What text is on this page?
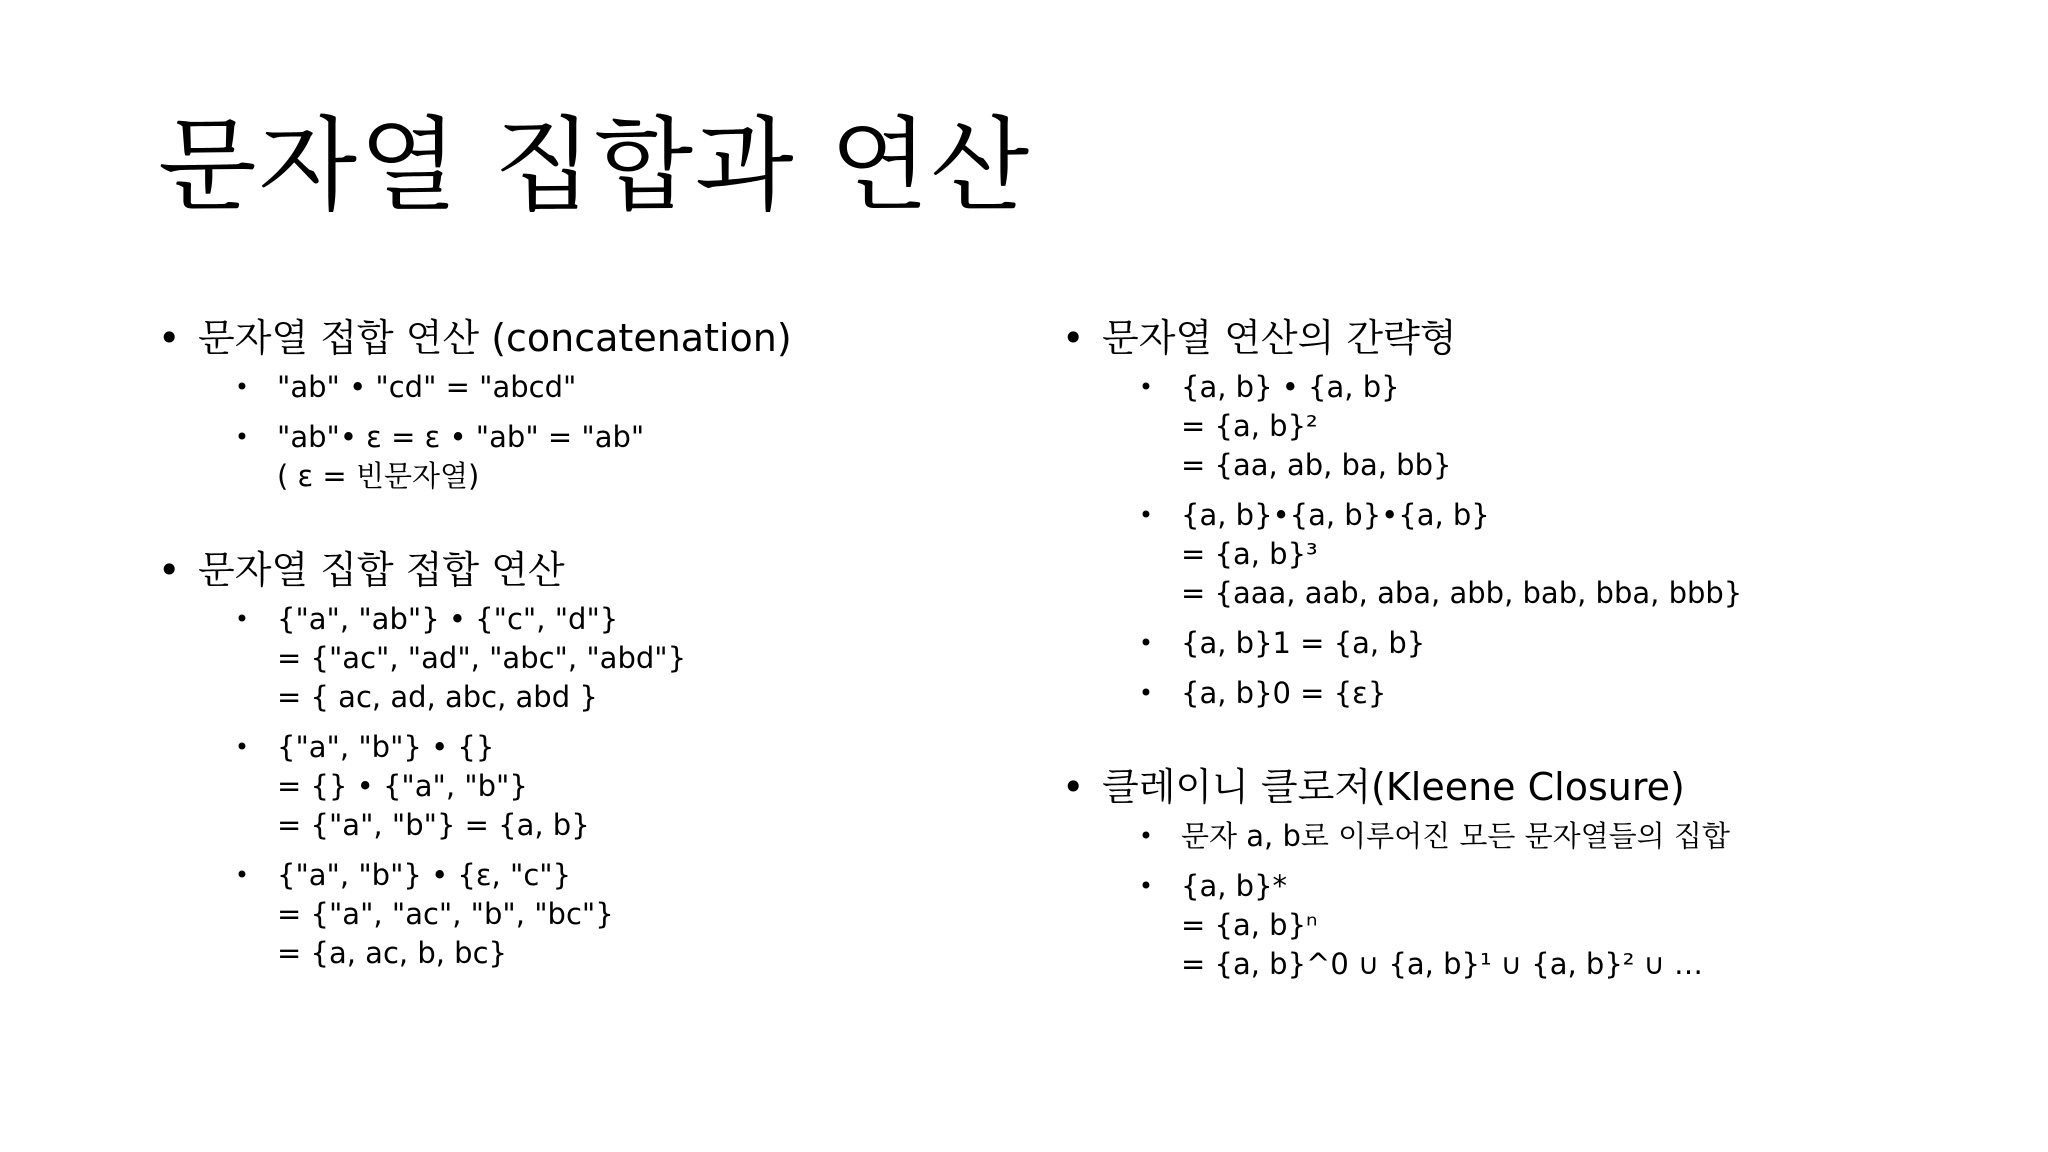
문자열 집합과 연산
• 문자열 접합 연산 (concatenation)
• "ab" • "cd" = "abcd"
• "ab"• ε = ε • "ab" = "ab"
( ε = 빈문자열)
• 문자열 집합 접합 연산
• {"a", "ab"} • {"c", "d"}
= {"ac", "ad", "abc", "abd"}
= { ac, ad, abc, abd }
• {"a", "b"} • {}
= {} • {"a", "b"}
= {"a", "b"} = {a, b}
• {"a", "b"} • {ε, "c"}
= {"a", "ac", "b", "bc"}
= {a, ac, b, bc}
• 문자열 연산의 간략형
• {a, b} • {a, b}
= {a, b}²
= {aa, ab, ba, bb}
• {a, b}•{a, b}•{a, b}
= {a, b}³
= {aaa, aab, aba, abb, bab, bba, bbb}
• {a, b}1 = {a, b}
• {a, b}0 = {ε}
• 클레이니 클로저(Kleene Closure)
• 문자 a, b로 이루어진 모든 문자열들의 집합
• {a, b}*
= {a, b}ⁿ
= {a, b}^0 ∪ {a, b}¹ ∪ {a, b}² ∪ …
